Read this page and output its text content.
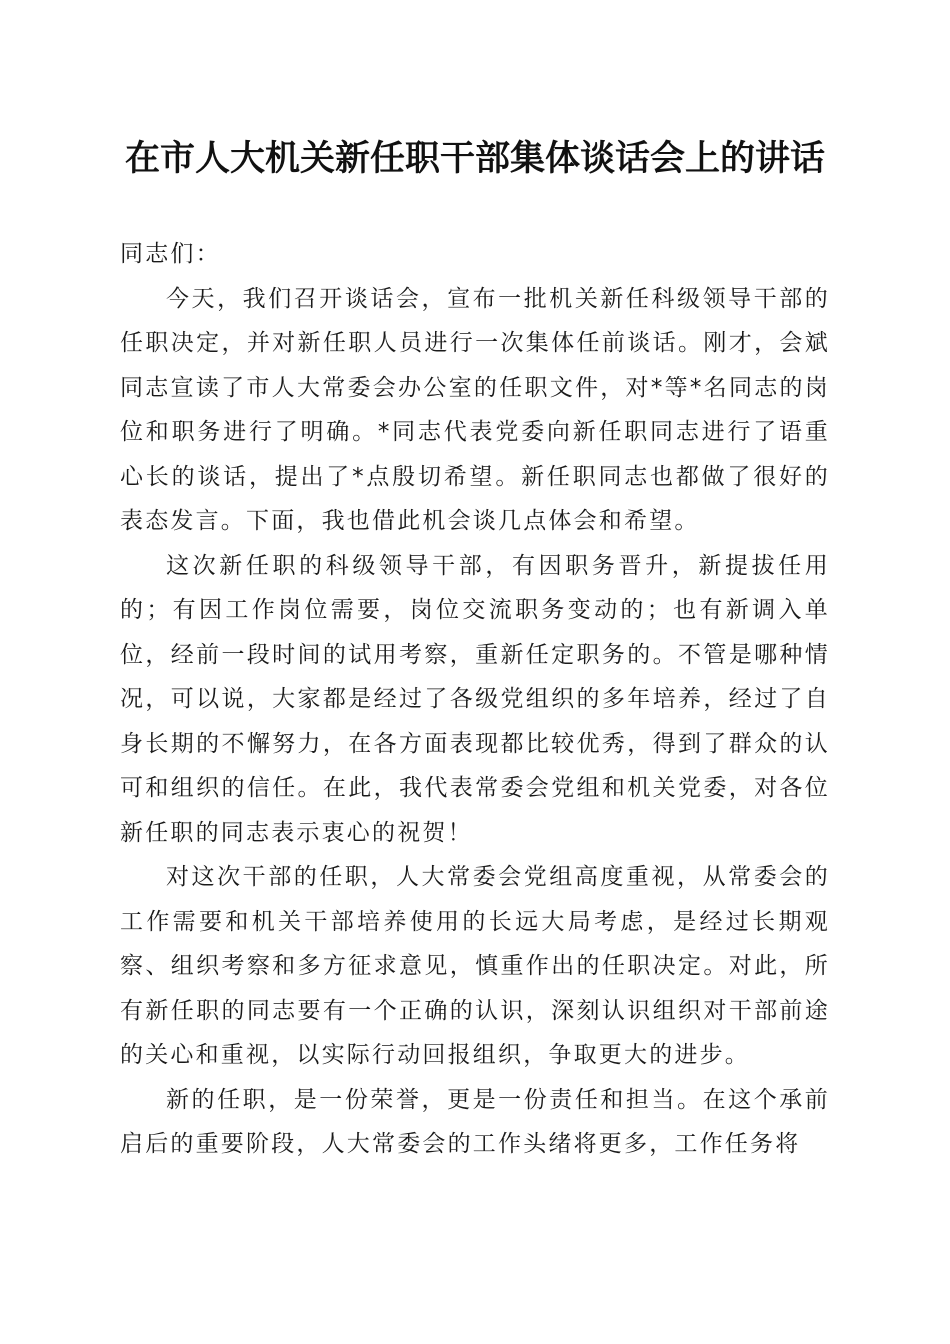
在市人大机关新任职干部集体谈话会上的讲话

同志们：

今天，我们召开谈话会，宣布一批机关新任科级领导干部的任职决定，并对新任职人员进行一次集体任前谈话。刚才，会斌同志宣读了市人大常委会办公室的任职文件，对*等*名同志的岗位和职务进行了明确。*同志代表党委向新任职同志进行了语重心长的谈话，提出了*点殷切希望。新任职同志也都做了很好的表态发言。下面，我也借此机会谈几点体会和希望。

这次新任职的科级领导干部，有因职务晋升，新提拔任用的；有因工作岗位需要，岗位交流职务变动的；也有新调入单位，经前一段时间的试用考察，重新任定职务的。不管是哪种情况，可以说，大家都是经过了各级党组织的多年培养，经过了自身长期的不懈努力，在各方面表现都比较优秀，得到了群众的认可和组织的信任。在此，我代表常委会党组和机关党委，对各位新任职的同志表示衷心的祝贺！

对这次干部的任职，人大常委会党组高度重视，从常委会的工作需要和机关干部培养使用的长远大局考虑，是经过长期观察、组织考察和多方征求意见，慎重作出的任职决定。对此，所有新任职的同志要有一个正确的认识，深刻认识组织对干部前途的关心和重视，以实际行动回报组织，争取更大的进步。

新的任职，是一份荣誉，更是一份责任和担当。在这个承前启后的重要阶段，人大常委会的工作头绪将更多，工作任务将
